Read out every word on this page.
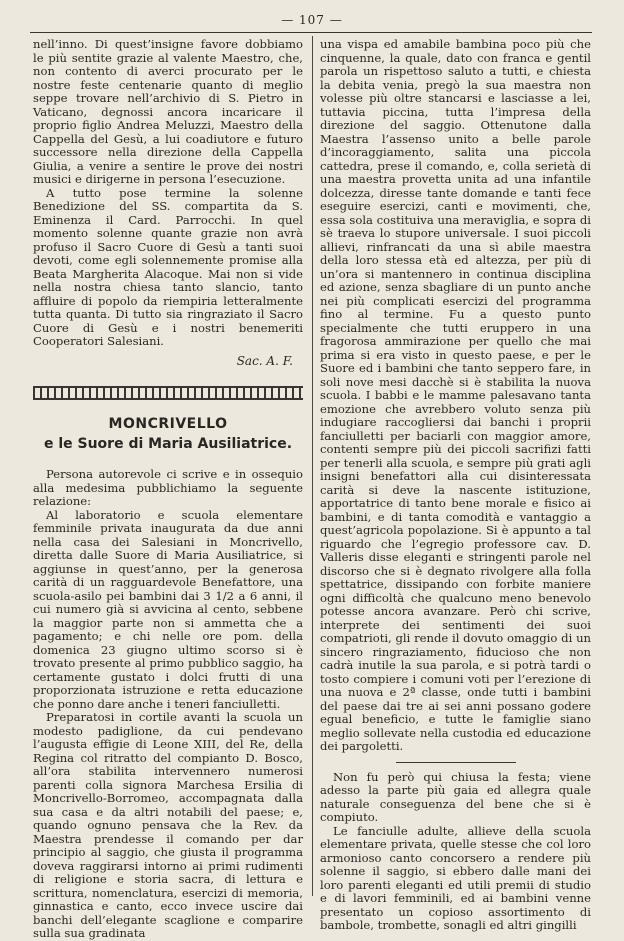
— 107 —

nell’inno. Di quest’insigne favore dobbiamo le più sentite grazie al valente Maestro, che, non contento di averci procurato per le nostre feste centenarie quanto di meglio seppe trovare nell’archivio di S. Pietro in Vaticano, degnossi ancora incaricare il proprio figlio Andrea Meluzzi, Maestro della Cappella del Gesù, a lui coadiutore e futuro successore nella direzione della Cappella Giulia, a venire a sentire le prove dei nostri musici e dirigerne in persona l’esecuzione.

A tutto pose termine la solenne Benedizione del SS. compartita da S. Eminenza il Card. Parrocchi. In quel momento solenne quante grazie non avrà profuso il Sacro Cuore di Gesù a tanti suoi devoti, come egli solennemente promise alla Beata Margherita Alacoque. Mai non si vide nella nostra chiesa tanto slancio, tanto affluire di popolo da riempiria letteralmente tutta quanta. Di tutto sia ringraziato il Sacro Cuore di Gesù e i nostri benemeriti Cooperatori Salesiani.

Sac. A. F.
MONCRIVELLO
e le Suore di Maria Ausiliatrice.

Persona autorevole ci scrive e in ossequio alla medesima pubblichiamo la seguente relazione:

Al laboratorio e scuola elementare femminile privata inaugurata da due anni nella casa dei Salesiani in Moncrivello, diretta dalle Suore di Maria Ausiliatrice, si aggiunse in quest’anno, per la generosa carità di un ragguardevole Benefattore, una scuola-asilo pei bambini dai 3 1/2 a 6 anni, il cui numero già si avvicina al cento, sebbene la maggior parte non si ammetta che a pagamento; e chi nelle ore pom. della domenica 23 giugno ultimo scorso si è trovato presente al primo pubblico saggio, ha certamente gustato i dolci frutti di una proporzionata istruzione e retta educazione che ponno dare anche i teneri fanciulletti.

Preparatosi in cortile avanti la scuola un modesto padiglione, da cui pendevano l’augusta effigie di Leone XIII, del Re, della Regina col ritratto del compianto D. Bosco, all’ora stabilita intervennero numerosi parenti colla signora Marchesa Ersilia di Moncrivello-Borromeo, accompagnata dalla sua casa e da altri notabili del paese; e, quando ognuno pensava che la Rev. da Maestra prendesse il comando per dar principio al saggio, che giusta il programma doveva raggirarsi intorno ai primi rudimenti di religione e storia sacra, di lettura e scrittura, nomenclatura, esercizi di memoria, ginnastica e canto, ecco invece uscire dai banchi dell’elegante scaglione e comparire sulla sua gradinata

una vispa ed amabile bambina poco più che cinquenne, la quale, dato con franca e gentil parola un rispettoso saluto a tutti, e chiesta la debita venia, pregò la sua maestra non volesse più oltre stancarsi e lasciasse a lei, tuttavia piccina, tutta l’impresa della direzione del saggio. Ottenutone dalla Maestra l’assenso unito a belle parole d’incoraggiamento, salita una piccola cattedra, prese il comando, e, colla serietà di una maestra provetta unita ad una infantile dolcezza, diresse tante domande e tanti fece eseguire esercizi, canti e movimenti, che, essa sola costituiva una meraviglia, e sopra di sè traeva lo stupore universale. I suoi piccoli allievi, rinfrancati da una sì abile maestra della loro stessa età ed altezza, per più di un’ora si mantennero in continua disciplina ed azione, senza sbagliare di un punto anche nei più complicati esercizi del programma fino al termine. Fu a questo punto specialmente che tutti eruppero in una fragorosa ammirazione per quello che mai prima si era visto in questo paese, e per le Suore ed i bambini che tanto seppero fare, in soli nove mesi dacchè si è stabilita la nuova scuola. I babbi e le mamme palesavano tanta emozione che avrebbero voluto senza più indugiare raccogliersi dai banchi i proprii fanciulletti per baciarli con maggior amore, contenti sempre più dei piccoli sacrifizi fatti per tenerli alla scuola, e sempre più grati agli insigni benefattori alla cui disinteressata carità si deve la nascente istituzione, apportatrice di tanto bene morale e fisico ai bambini, e di tanta comodità e vantaggio a quest’agricola popolazione. Si è appunto a tal riguardo che l’egregio professore cav. D. Valleris disse eleganti e stringenti parole nel discorso che si è degnato rivolgere alla folla spettatrice, dissipando con forbite maniere ogni difficoltà che qualcuno meno benevolo potesse ancora avanzare. Però chi scrive, interprete dei sentimenti dei suoi compatrioti, gli rende il dovuto omaggio di un sincero ringraziamento, fiducioso che non cadrà inutile la sua parola, e si potrà tardi o tosto compiere i comuni voti per l’erezione di una nuova e 2ª classe, onde tutti i bambini del paese dai tre ai sei anni possano godere egual beneficio, e tutte le famiglie siano meglio sollevate nella custodia ed educazione dei pargoletti.

Non fu però qui chiusa la festa; viene adesso la parte più gaia ed allegra quale naturale conseguenza del bene che si è compiuto.

Le fanciulle adulte, allieve della scuola elementare privata, quelle stesse che col loro armonioso canto concorsero a rendere più solenne il saggio, si ebbero dalle mani dei loro parenti eleganti ed utili premii di studio e di lavori femminili, ed ai bambini venne presentato un copioso assortimento di bambole, trombette, sonagli ed altri gingilli
